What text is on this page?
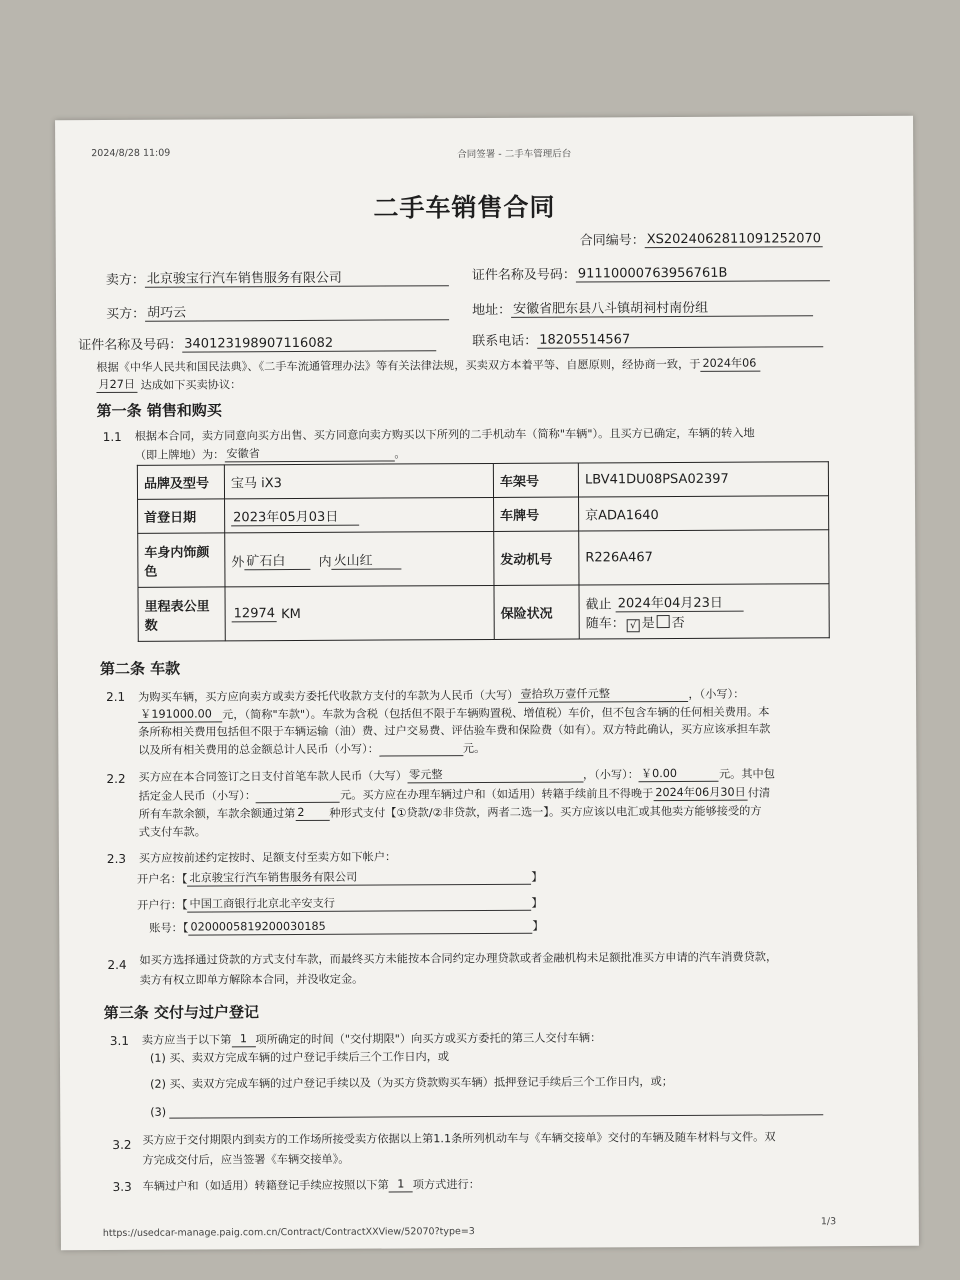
2024/8/28 11:09	合同签署 - 二手车管理后台
二手车销售合同
合同编号： XS2024062811091252070
卖方： 北京骏宝行汽车销售服务有限公司	证件名称及号码： 91110000763956761B
买方： 胡巧云	地址： 安徽省肥东县八斗镇胡祠村南份组
证件名称及号码： 340123198907116082	联系电话： 18205514567
根据《中华人民共和国民法典》、《二手车流通管理办法》等有关法律法规，买卖双方本着平等、自愿原则，经协商一致，于 2024年06
月27日 达成如下买卖协议：
第一条 销售和购买
1.1 根据本合同，卖方同意向买方出售、买方同意向卖方购买以下所列的二手机动车（简称"车辆"）。且买方已确定，车辆的转入地
（即上牌地）为： 安徽省	。
品牌及型号	宝马 iX3	车架号	LBV41DU08PSA02397
首登日期	2023年05月03日	车牌号	京ADA1640
车身内饰颜色	外 矿石白 内 火山红	发动机号	R226A467
里程表公里数	12974 KM	保险状况	截止 2024年04月23日
随车： √ 是 否
第二条 车款
2.1 为购买车辆，买方应向卖方或卖方委托代收款方支付的车款为人民币（大写） 壹拾玖万壹仟元整	，（小写）：
￥191000.00 元，（简称"车款"）。车款为含税（包括但不限于车辆购置税、增值税）车价，但不包含车辆的任何相关费用。本
条所称相关费用包括但不限于车辆运输（油）费、过户交易费、评估验车费和保险费（如有）。双方特此确认，买方应该承担车款
以及所有相关费用的总金额总计人民币（小写）：	元。
2.2 买方应在本合同签订之日支付首笔车款人民币（大写） 零元整	，（小写）： ￥0.00	元。其中包
括定金人民币（小写）：	元。买方应在办理车辆过户和（如适用）转籍手续前且不得晚于 2024年06月30日 付清
所有车款余额，车款余额通过第 2 种形式支付【①贷款/②非贷款，两者二选一】。买方应该以电汇或其他卖方能够接受的方
式支付车款。
2.3 买方应按前述约定按时、足额支付至卖方如下帐户：
开户名：【 北京骏宝行汽车销售服务有限公司	】
开户行：【 中国工商银行北京北辛安支行	】
账号：【 0200005819200030185	】
2.4 如买方选择通过贷款的方式支付车款，而最终买方未能按本合同约定办理贷款或者金融机构未足额批准买方申请的汽车消费贷款，
卖方有权立即单方解除本合同，并没收定金。
第三条 交付与过户登记
3.1 卖方应当于以下第 1 项所确定的时间（"交付期限"）向买方或买方委托的第三人交付车辆：
(1) 买、卖双方完成车辆的过户登记手续后三个工作日内，或
(2) 买、卖双方完成车辆的过户登记手续以及（为买方贷款购买车辆）抵押登记手续后三个工作日内，或；
(3)
3.2 买方应于交付期限内到卖方的工作场所接受卖方依据以上第1.1条所列机动车与《车辆交接单》交付的车辆及随车材料与文件。双
方完成交付后，应当签署《车辆交接单》。
3.3 车辆过户和（如适用）转籍登记手续应按照以下第 1 项方式进行：
https://usedcar-manage.paig.com.cn/Contract/ContractXXView/52070?type=3
1/3
